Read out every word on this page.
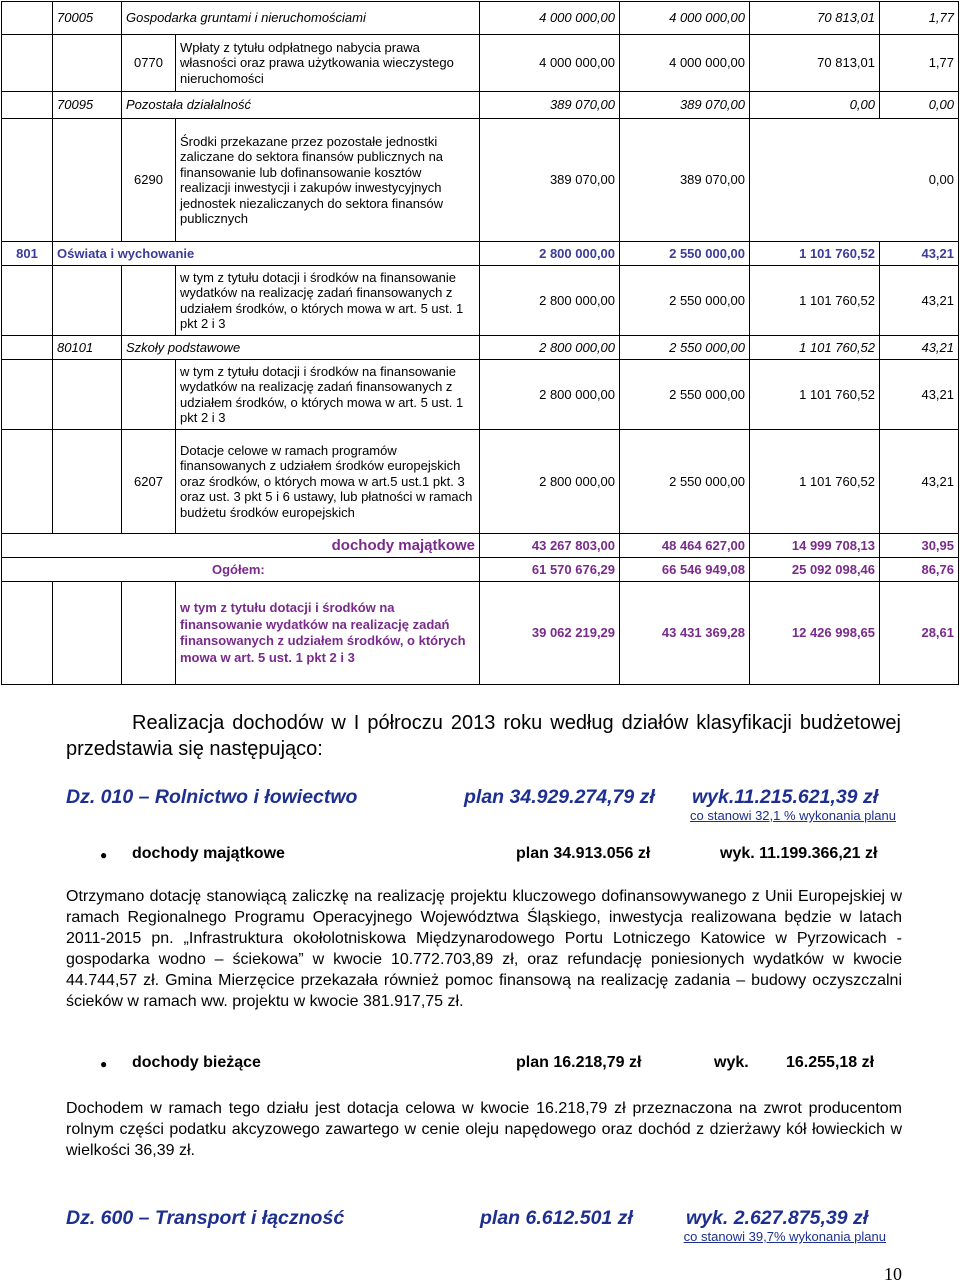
	70005	Gospodarka gruntami i nieruchomościami		4 000 000,00	4 000 000,00	70 813,01	1,77
		0770	Wpłaty z tytułu odpłatnego nabycia prawa własności oraz prawa użytkowania wieczystego nieruchomości	4 000 000,00	4 000 000,00	70 813,01	1,77
	70095	Pozostała działalność		389 070,00	389 070,00	0,00	0,00
		6290	Środki przekazane przez pozostałe jednostki zaliczane do sektora finansów publicznych na finansowanie lub dofinansowanie kosztów realizacji inwestycji i zakupów inwestycyjnych jednostek niezaliczanych do sektora finansów publicznych	389 070,00	389 070,00	0,00	
801	Oświata i wychowanie			2 800 000,00	2 550 000,00	1 101 760,52	43,21
			w tym z tytułu dotacji i środków na finansowanie wydatków na realizację zadań finansowanych z udziałem środków, o których mowa w art. 5 ust. 1 pkt 2 i 3	2 800 000,00	2 550 000,00	1 101 760,52	43,21
	80101	Szkoły podstawowe		2 800 000,00	2 550 000,00	1 101 760,52	43,21
			w tym z tytułu dotacji i środków na finansowanie wydatków na realizację zadań finansowanych z udziałem środków, o których mowa w art. 5 ust. 1 pkt 2 i 3	2 800 000,00	2 550 000,00	1 101 760,52	43,21
		6207	Dotacje celowe w ramach programów finansowanych z udziałem środków europejskich oraz środków, o których mowa w art.5 ust.1 pkt. 3 oraz ust. 3 pkt 5 i 6 ustawy, lub płatności w ramach budżetu środków europejskich	2 800 000,00	2 550 000,00	1 101 760,52	43,21
dochody majątkowe				43 267 803,00	48 464 627,00	14 999 708,13	30,95
Ogółem:				61 570 676,29	66 546 949,08	25 092 098,46	86,76
			w tym z tytułu dotacji i środków na finansowanie wydatków na realizację zadań finansowanych z udziałem środków, o których mowa w art. 5 ust. 1 pkt 2 i 3	39 062 219,29	43 431 369,28	12 426 998,65	28,61
Realizacja dochodów w I półroczu 2013 roku według działów klasyfikacji budżetowej przedstawia się następująco:
Dz. 010 – Rolnictwo i łowiectwo	plan 34.929.274,79 zł wyk.11.215.621,39 zł
co stanowi 32,1 % wykonania planu
● dochody majątkowe	plan 34.913.056 zł	wyk. 11.199.366,21 zł
Otrzymano dotację stanowiącą zaliczkę na realizację projektu kluczowego dofinansowywanego z Unii Europejskiej w ramach Regionalnego Programu Operacyjnego Województwa Śląskiego, inwestycja realizowana będzie w latach 2011-2015 pn. „Infrastruktura okołolotniskowa Międzynarodowego Portu Lotniczego Katowice w Pyrzowicach - gospodarka wodno – ściekowa” w kwocie 10.772.703,89 zł, oraz refundację poniesionych wydatków w kwocie 44.744,57 zł. Gmina Mierzęcice przekazała również pomoc finansową na realizację zadania – budowy oczyszczalni ścieków w ramach ww. projektu w kwocie 381.917,75 zł.
● dochody bieżące	plan 16.218,79 zł	wyk. 16.255,18 zł
Dochodem w ramach tego działu jest dotacja celowa w kwocie 16.218,79 zł przeznaczona na zwrot producentom rolnym części podatku akcyzowego zawartego w cenie oleju napędowego oraz dochód z dzierżawy kół łowieckich w wielkości 36,39 zł.
Dz. 600 – Transport i łączność	plan 6.612.501 zł	wyk. 2.627.875,39 zł
co stanowi 39,7% wykonania planu
10
